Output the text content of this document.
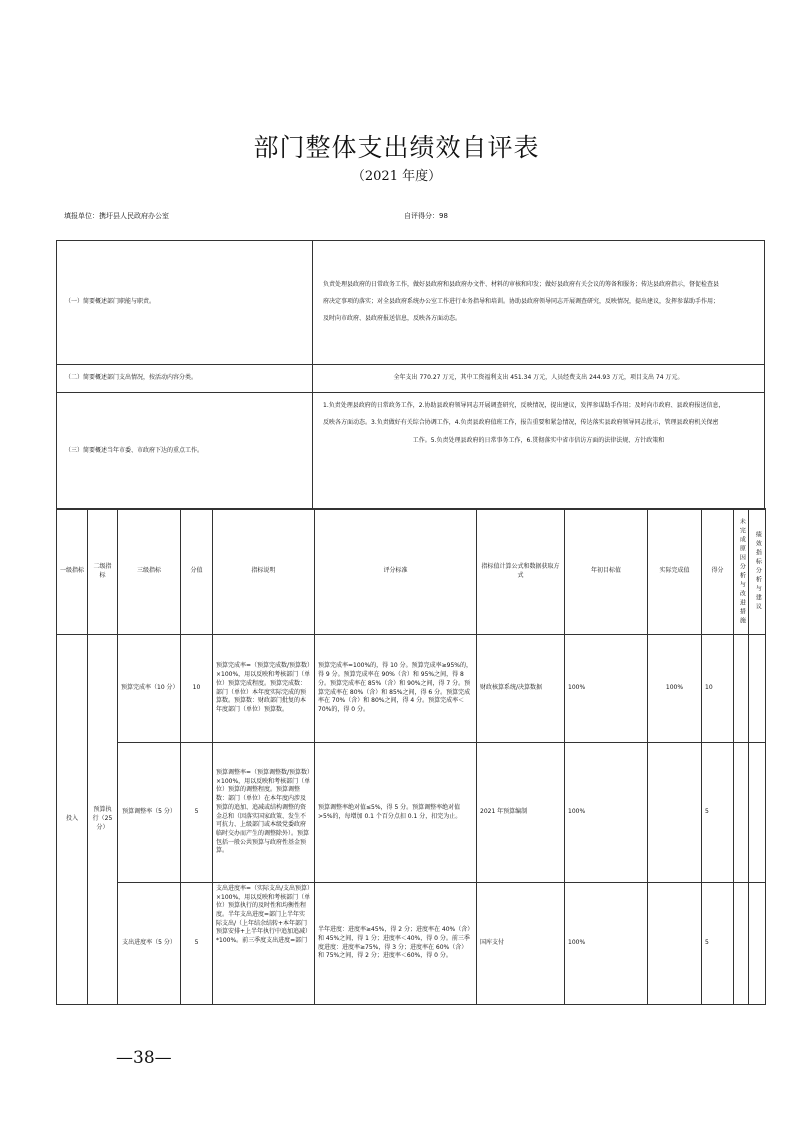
部门整体支出绩效自评表
（2021 年度）
填报单位：携圩县人民政府办公室	自评得分：98
（一）简要概述部门职能与职责。	负责处理县政府的日常政务工作，做好县政府和县政府办文件、材料的审核和印发；做好县政府有关会议的筹备和服务；传达县政府指示，督促检查县
府决定事项的落实；对全县政府系统办公室工作进行业务指导和培训。协助县政府领导同志开展调查研究，反映情况，提出建议，发挥参谋助手作用；
及时向市政府、县政府报送信息，反映各方面动态。

（二）简要概述部门支出情况，按活动内容分类。	全年支出 770.27 万元，其中工资福利支出 451.34 万元，人员经费支出 244.93 万元，项目支出 74 万元。

（三）简要概述当年市委、市政府下达的重点工作。	1.负责处理县政府的日常政务工作，2.协助县政府领导同志开展调查研究，反映情况，提出建议，发挥参谋助手作用；及时向市政府、县政府报送信息，
反映各方面动态。3.负责做好有关综合协调工作，4.负责县政府值班工作，报告重要和紧急情况，传达落实县政府领导同志批示，管理县政府机关保密
工作。5.负责处理县政府的日常事务工作，6.贯彻落实中省市信访方面的法律法规、方针政策和
一级指标	二级指标	三级指标	分值	指标说明	评分标准	指标值计算公式和数据获取方式	年初目标值	实际完成值	得分	未完成原因分析与改进措施	绩效指标分析与建议

投入	预算执行（25 分）	预算完成率（10 分）	10	预算完成率=（预算完成数/预算数）×100%，用以反映和考核部门（单位）预算完成程度。预算完成数：部门（单位）本年度实际完成的预算数。预算数：财政部门批复的本年度部门（单位）预算数。	预算完成率=100%的，得 10 分。预算完成率≥95%的，得 9 分。预算完成率在 90%（含）和 95%之间，得 8 分。预算完成率在 85%（含）和 90%之间，得 7 分。预算完成率在 80%（含）和 85%之间，得 6 分。预算完成率在 70%（含）和 80%之间，得 4 分。预算完成率＜70%的，得 0 分。	财政核算系统/决算数据	100%	100%	10		
		预算调整率（5 分）	5	预算调整率=（预算调整数/预算数）×100%，用以反映和考核部门（单位）预算的调整程度。预算调整数：部门（单位）在本年度内涉及预算的追加、追减或结构调整的资金总和（因落实国家政策、发生不可抗力、上级部门或本级党委政府临时交办而产生的调整除外）。预算包括一般公共预算与政府性基金预算。	预算调整率绝对值≤5%，得 5 分。预算调整率绝对值>5%的，每增加 0.1 个百分点扣 0.1 分，扣完为止。	2021 年预算编制	100%		5		
		支出进度率（5 分）	5	支出进度率=（实际支出/支出预算）×100%，用以反映和考核部门（单位）预算执行的及时性和均衡性程度。半年支出进度=部门上半年实际支出/（上年结余结转+本年部门预算安排+上半年执行中追加追减）*100%。前三季度支出进度=部门	半年进度：进度率≥45%，得 2 分；进度率在 40%（含）和 45%之间，得 1 分；进度率＜40%，得 0 分。前三季度进度：进度率≥75%，得 3 分；进度率在 60%（含）和 75%之间，得 2 分；进度率＜60%，得 0 分。	国库支付	100%		5		
—38—
